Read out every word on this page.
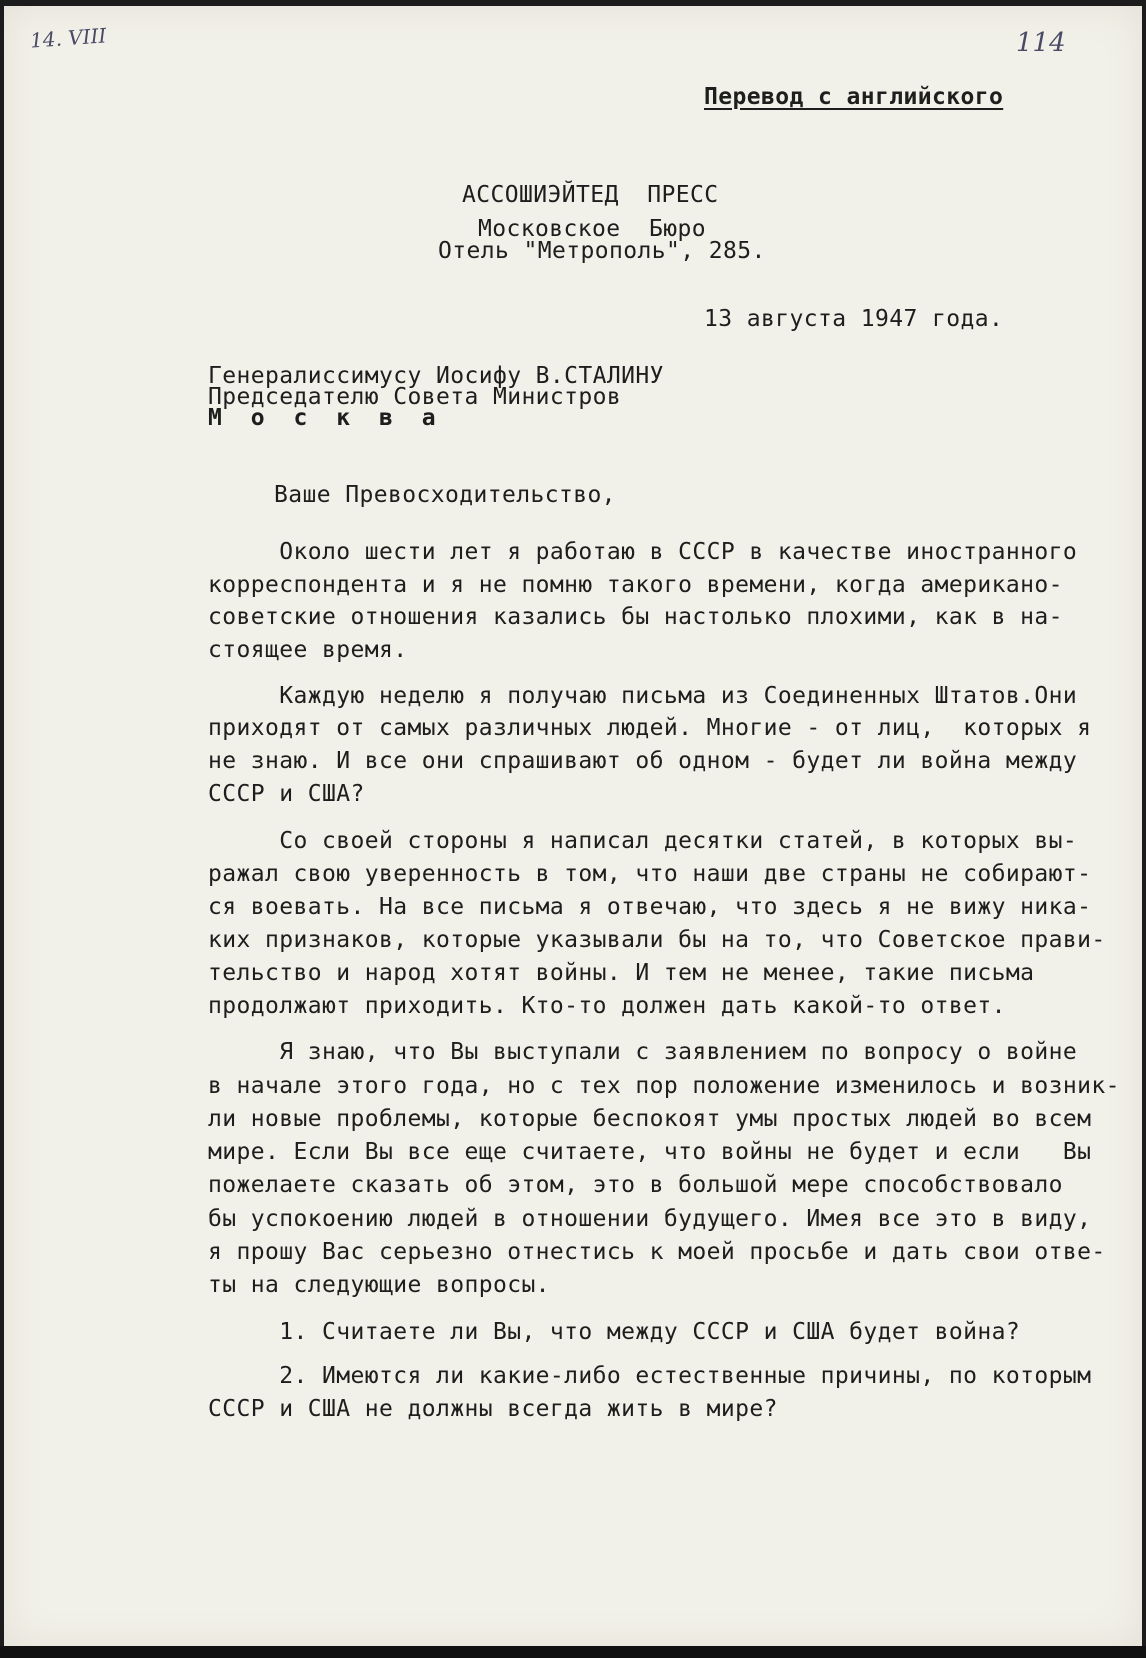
14. VIII	114
Перевод с английского
АССОШИЭЙТЕД  ПРЕСС
Московское  Бюро
Отель "Метрополь", 285.
13 августа 1947 года.
Генералиссимусу Иосифу В.СТАЛИНУ
Председателю Совета Министров
М  о  с  к  в  а
Ваше Превосходительство,
Около шести лет я работаю в СССР в качестве иностранного
корреспондента и я не помню такого времени, когда американо-
советские отношения казались бы настолько плохими, как в на-
стоящее время.
Каждую неделю я получаю письма из Соединенных Штатов.Они
приходят от самых различных людей. Многие - от лиц,  которых я
не знаю. И все они спрашивают об одном - будет ли война между
СССР и США?
Со своей стороны я написал десятки статей, в которых вы-
ражал свою уверенность в том, что наши две страны не собирают-
ся воевать. На все письма я отвечаю, что здесь я не вижу никa-
ких признаков, которые указывали бы на то, что Советское прави-
тельство и народ хотят войны. И тем не менее, такие письма
продолжают приходить. Кто-то должен дать какой-то ответ.
Я знаю, что Вы выступали с заявлением по вопросу о войне
в начале этого года, но с тех пор положение изменилось и возник-
ли новые проблемы, которые беспокоят умы простых людей во всем
мире. Если Вы все еще считаете, что войны не будет и если   Вы
пожелаете сказать об этом, это в большой мере способствовало
бы успокоению людей в отношении будущего. Имея все это в виду,
я прошу Вас серьезно отнестись к моей просьбе и дать свои отве-
ты на следующие вопросы.
1. Считаете ли Вы, что между СССР и США будет война?
2. Имеются ли какие-либо естественные причины, по которым
СССР и США не должны всегда жить в мире?
